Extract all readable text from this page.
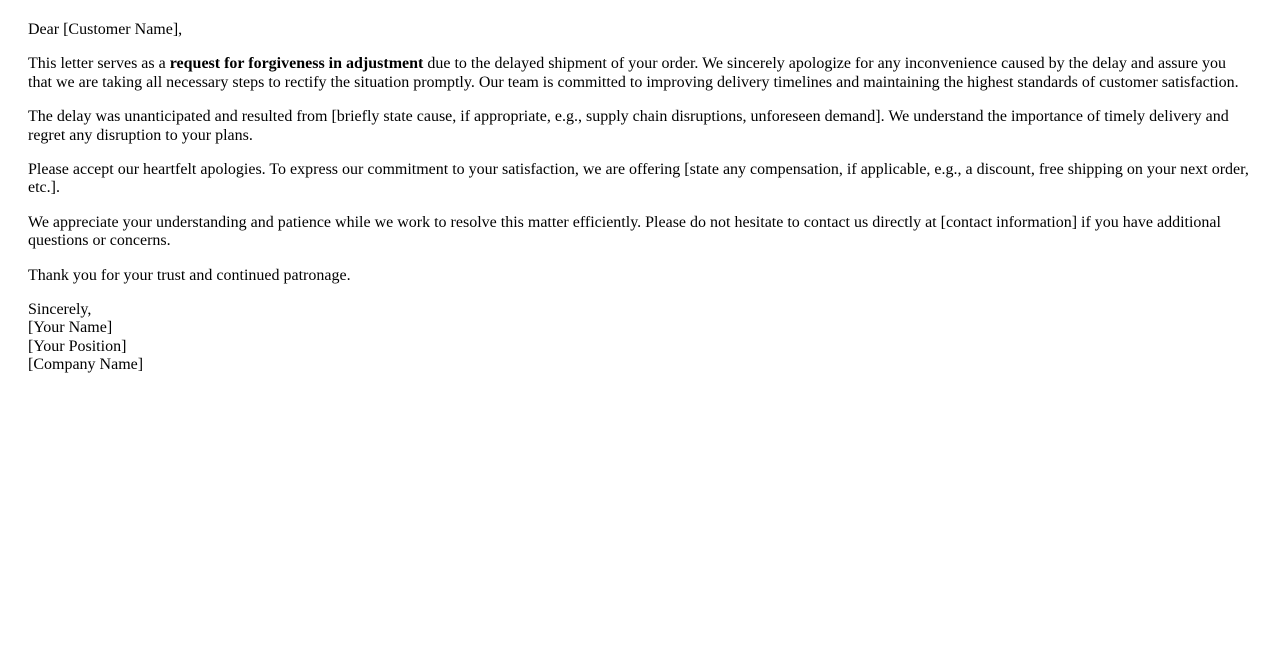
Dear [Customer Name],

This letter serves as a request for forgiveness in adjustment due to the delayed shipment of your order. We sincerely apologize for any inconvenience caused by the delay and assure you that we are taking all necessary steps to rectify the situation promptly. Our team is committed to improving delivery timelines and maintaining the highest standards of customer satisfaction.

The delay was unanticipated and resulted from [briefly state cause, if appropriate, e.g., supply chain disruptions, unforeseen demand]. We understand the importance of timely delivery and regret any disruption to your plans.

Please accept our heartfelt apologies. To express our commitment to your satisfaction, we are offering [state any compensation, if applicable, e.g., a discount, free shipping on your next order, etc.].

We appreciate your understanding and patience while we work to resolve this matter efficiently. Please do not hesitate to contact us directly at [contact information] if you have additional questions or concerns.

Thank you for your trust and continued patronage.

Sincerely,
[Your Name]
[Your Position]
[Company Name]
